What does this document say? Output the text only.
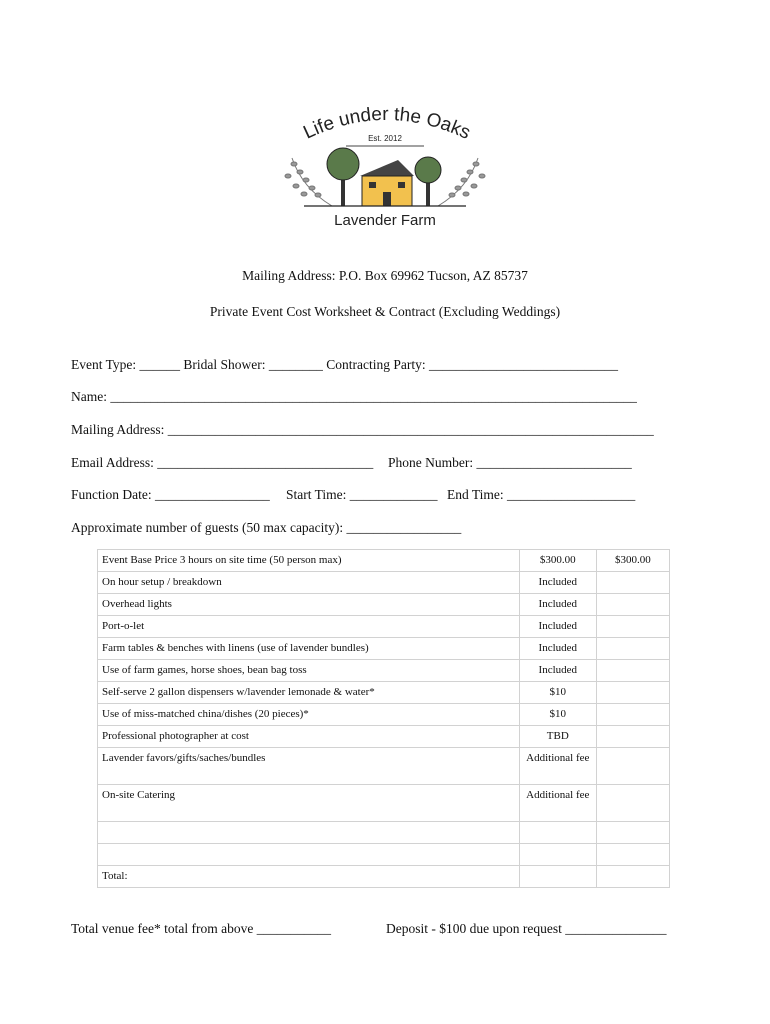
Life under the Oaks
Est. 2012
Lavender Farm
Mailing Address: P.O. Box 69962 Tucson, AZ 85737
Private Event Cost Worksheet & Contract (Excluding Weddings)
Event Type: ______ Bridal Shower: ________ Contracting Party: ____________________________
Name: ______________________________________________________________________________
Mailing Address: ________________________________________________________________________
Email Address: ________________________________ Phone Number: _______________________
Function Date: _________________ Start Time: _____________ End Time: ___________________
Approximate number of guests (50 max capacity): _________________
Event Base Price 3 hours on site time (50 person max)	$300.00	$300.00
On hour setup / breakdown	Included	
Overhead lights	Included	
Port-o-let	Included	
Farm tables & benches with linens (use of lavender bundles)	Included	
Use of farm games, horse shoes, bean bag toss	Included	
Self-serve 2 gallon dispensers w/lavender lemonade & water*	$10	
Use of miss-matched china/dishes (20 pieces)*	$10	
Professional photographer at cost	TBD	
Lavender favors/gifts/saches/bundles	Additional fee	
On-site Catering	Additional fee	

Total:		
Total venue fee* total from above ___________	Deposit - $100 due upon request _______________
